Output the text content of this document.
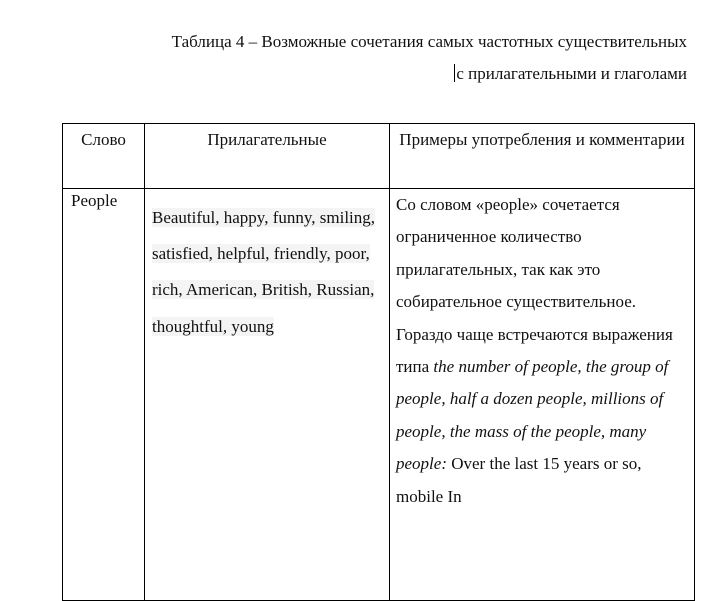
Таблица 4 – Возможные сочетания самых частотных существительных
с прилагательными и глаголами
Слово	Прилагательные	Примеры употребления и комментарии

People	Beautiful, happy, funny, smiling, satisfied, helpful, friendly, poor, rich, American, British, Russian, thoughtful, young	Со словом «people» сочетается ограниченное количество прилагательных, так как это собирательное существительное. Гораздо чаще встречаются выражения типа the number of people, the group of people, half a dozen people, millions of people, the mass of the people, many people: Over the last 15 years or so, mobile In
